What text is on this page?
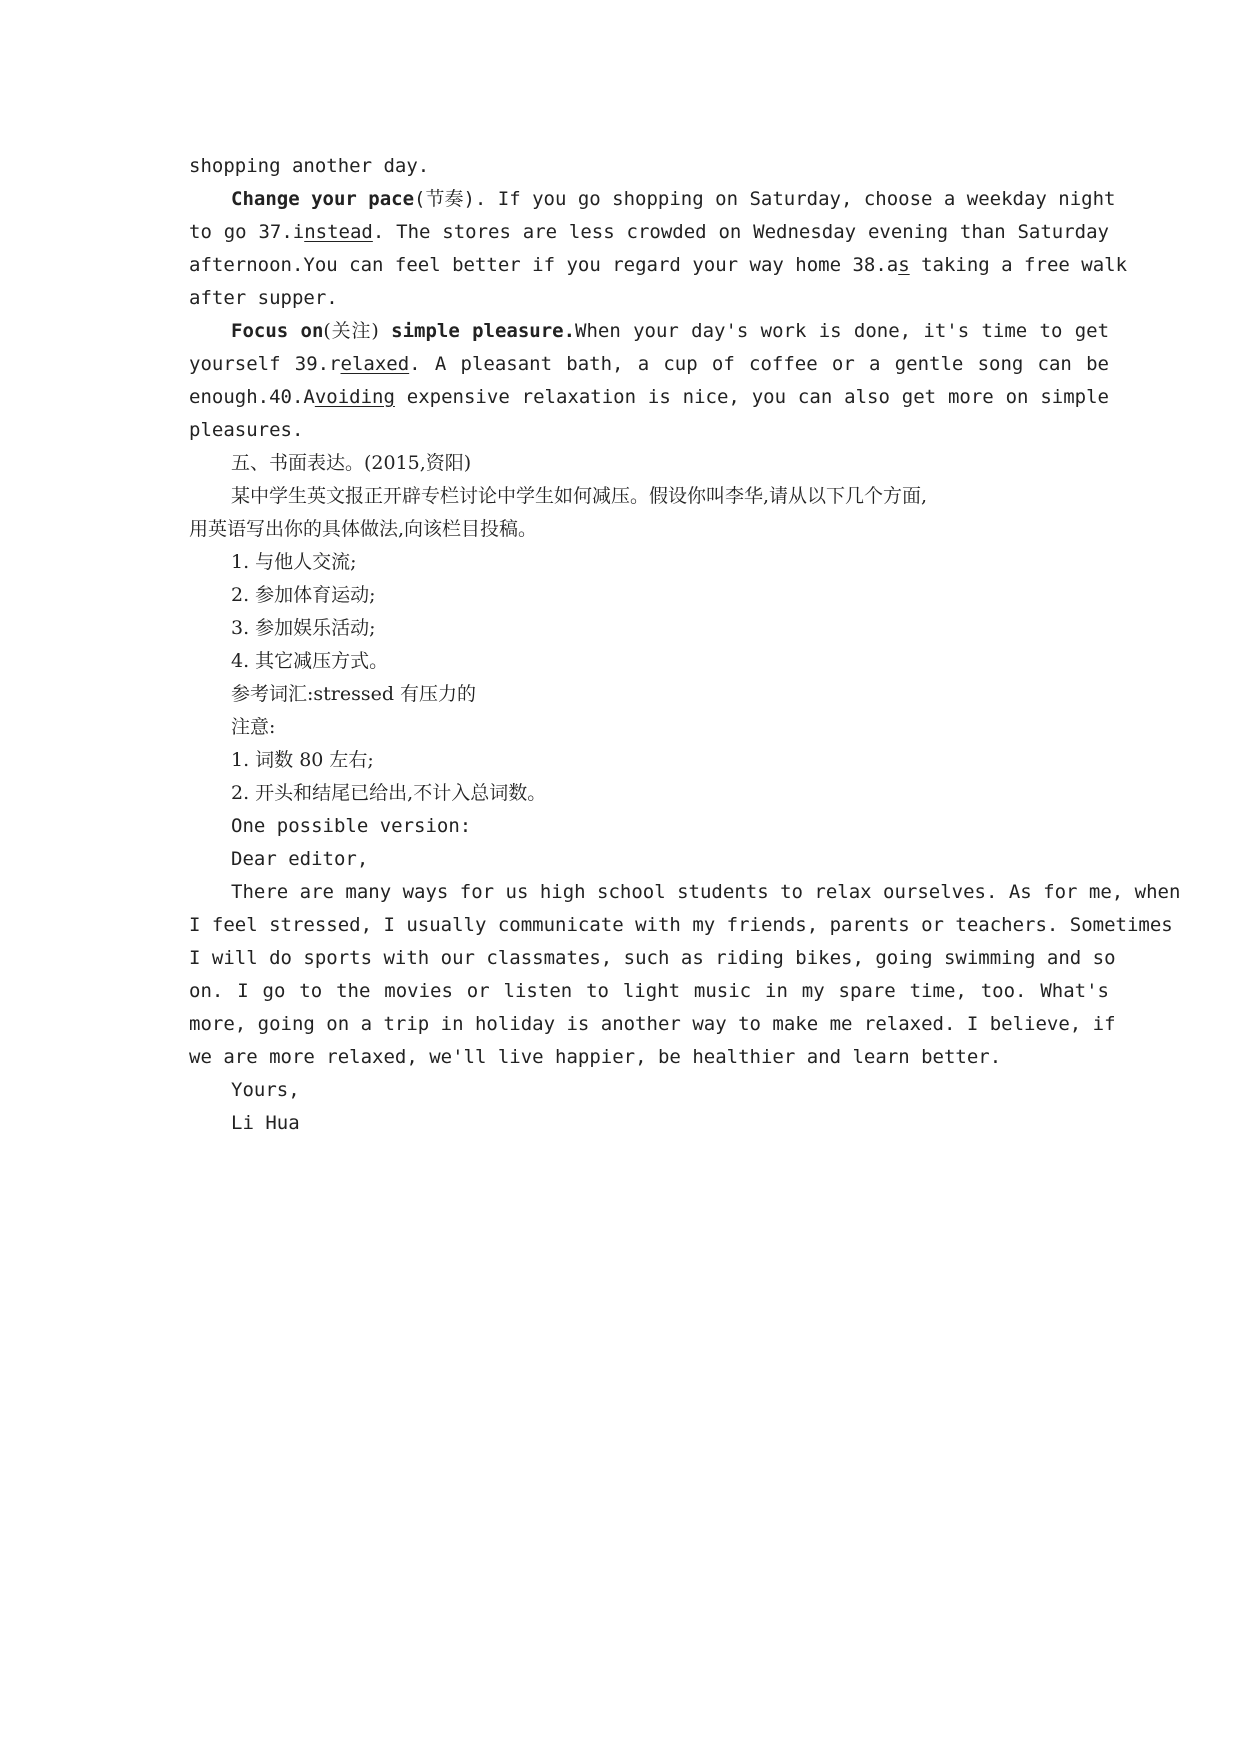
shopping another day.
Change your pace(节奏). If you go shopping on Saturday, choose a weekday night
to go 37.instead. The stores are less crowded on Wednesday evening than Saturday
afternoon.You can feel better if you regard your way home 38.as taking a free walk
after supper.
Focus on(关注) simple pleasure.When your day's work is done, it's time to get
yourself 39.relaxed. A pleasant bath, a cup of coffee or a gentle song can be
enough.40.Avoiding expensive relaxation is nice, you can also get more on simple
pleasures.
五、书面表达。(2015,资阳)
某中学生英文报正开辟专栏讨论中学生如何减压。假设你叫李华,请从以下几个方面,
用英语写出你的具体做法,向该栏目投稿。
1. 与他人交流;
2. 参加体育运动;
3. 参加娱乐活动;
4. 其它减压方式。
参考词汇:stressed 有压力的
注意:
1. 词数 80 左右;
2. 开头和结尾已给出,不计入总词数。
One possible version:
Dear editor,
There are many ways for us high school students to relax ourselves. As for me, when
I feel stressed, I usually communicate with my friends, parents or teachers. Sometimes
I will do sports with our classmates, such as riding bikes, going swimming and so
on. I go to the movies or listen to light music in my spare time, too. What's
more, going on a trip in holiday is another way to make me relaxed. I believe, if
we are more relaxed, we'll live happier, be healthier and learn better.
Yours,
Li Hua
